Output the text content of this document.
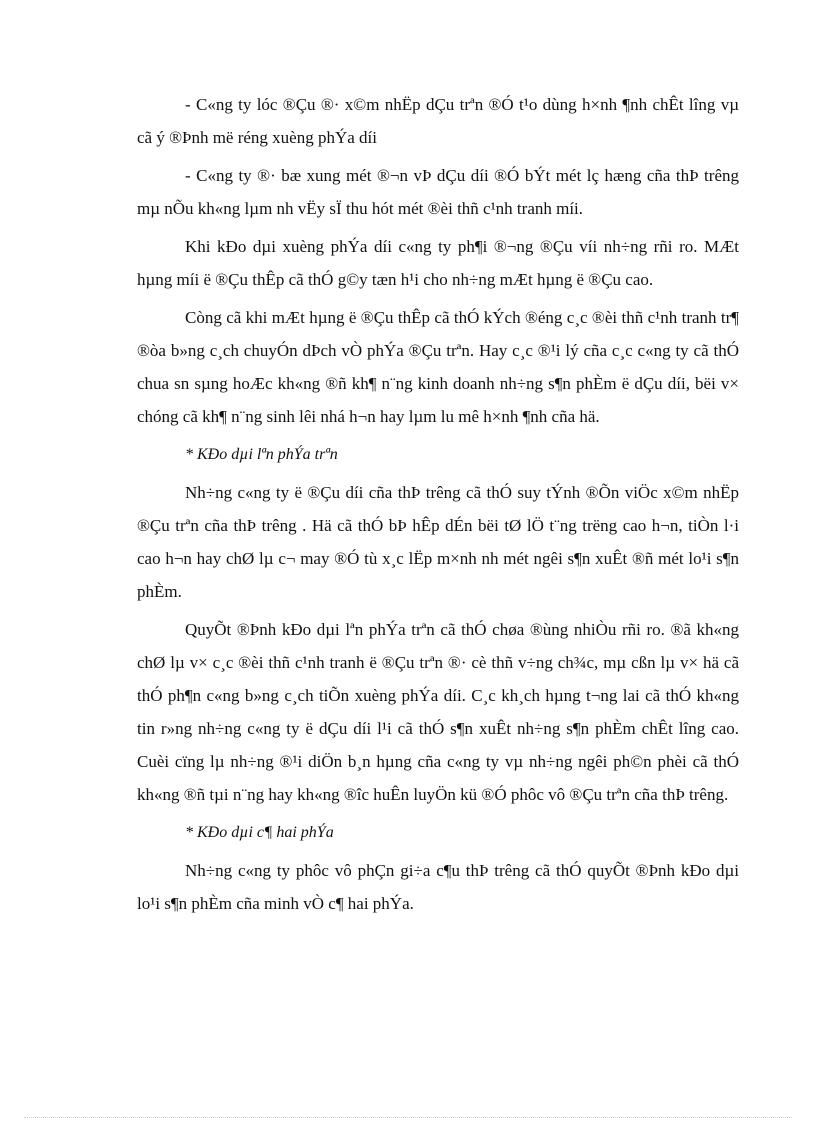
- C«ng ty lóc ®Çu ®· x©m nhËp dÇu trªn ®Ó t¹o dùng h×nh ¶nh chÊt lîng vµ cã ý ®Þnh më réng xuèng phÝa díi

- C«ng ty ®· bæ xung mét ®¬n vÞ dÇu díi ®Ó bÝt mét lç hæng cña thÞ trêng mµ nÕu kh«ng lµm nh vËy sÏ thu hót mét ®èi thñ c¹nh tranh míi.

Khi kÐo dµi xuèng phÝa díi c«ng ty ph¶i ®¬ng ®Çu víi nh÷ng rñi ro. MÆt hµng míi ë ®Çu thÊp cã thÓ g©y tæn h¹i cho nh÷ng mÆt hµng ë ®Çu cao.

Còng cã khi mÆt hµng ë ®Çu thÊp cã thÓ kÝch ®éng c¸c ®èi thñ c¹nh tranh tr¶ ®òa b»ng c¸ch chuyÓn dÞch vÒ phÝa ®Çu trªn. Hay c¸c ®¹i lý cña c¸c c«ng ty cã thÓ chua sn sµng hoÆc kh«ng ®ñ kh¶ n¨ng kinh doanh nh÷ng s¶n phÈm ë dÇu díi, bëi v× chóng cã kh¶ n¨ng sinh lêi nhá h¬n hay lµm lu mê h×nh ¶nh cña hä.

* KÐo dµi lªn phÝa trªn

Nh÷ng c«ng ty ë ®Çu díi cña thÞ trêng cã thÓ suy tÝnh ®Õn viÖc x©m nhËp ®Çu trªn cña thÞ trêng . Hä cã thÓ bÞ hÊp dÉn bëi tØ lÖ t¨ng trëng cao h¬n, tiÒn l·i cao h¬n hay chØ lµ c¬ may ®Ó tù x¸c lËp m×nh nh mét ngêi s¶n xuÊt ®ñ mét lo¹i s¶n phÈm.

QuyÕt ®Þnh kÐo dµi lªn phÝa trªn cã thÓ chøa ®ùng nhiÒu rñi ro. ®ã kh«ng chØ lµ v× c¸c ®èi thñ c¹nh tranh ë ®Çu trªn ®· cè thñ v÷ng ch¾c, mµ cßn lµ v× hä cã thÓ ph¶n c«ng b»ng c¸ch tiÕn xuèng phÝa díi. C¸c kh¸ch hµng t¬ng lai cã thÓ kh«ng tin r»ng nh÷ng c«ng ty ë dÇu díi l¹i cã thÓ s¶n xuÊt nh÷ng s¶n phÈm chÊt lîng cao. Cuèi cïng lµ nh÷ng ®¹i diÖn b¸n hµng cña c«ng ty vµ nh÷ng ngêi ph©n phèi cã thÓ kh«ng ®ñ tµi n¨ng hay kh«ng ®îc huÊn luyÖn kü ®Ó phôc vô ®Çu trªn cña thÞ trêng.

* KÐo dµi c¶ hai phÝa

Nh÷ng c«ng ty phôc vô phÇn gi÷a c¶u thÞ trêng cã thÓ quyÕt ®Þnh kÐo dµi lo¹i s¶n phÈm cña minh vÒ c¶ hai phÝa.
